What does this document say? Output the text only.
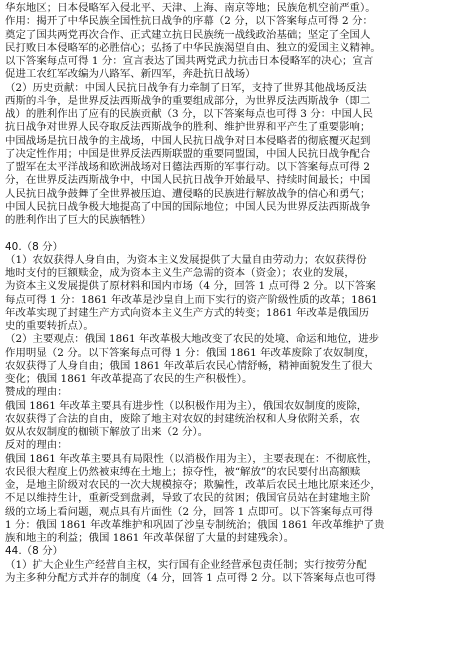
华东地区；日本侵略军入侵北平、天津、上海、南京等地；民族危机空前严重）。
作用：揭开了中华民族全国性抗日战争的序幕（2 分，以下答案每点可得 2 分：
奠定了国共两党再次合作、正式建立抗日民族统一战线政治基础；坚定了全国人
民打败日本侵略军的必胜信心；弘扬了中华民族渴望自由、独立的爱国主义精神。
以下答案每点可得 1 分：宣言表达了国共两党武力抗击日本侵略军的决心；宣言
促进工农红军改编为八路军、新四军，奔赴抗日战场）
（2）历史贡献：中国人民抗日战争有力牵制了日军，支持了世界其他战场反法
西斯的斗争，是世界反法西斯战争的重要组成部分，为世界反法西斯战争（即二
战）的胜利作出了应有的民族贡献（3 分，以下答案每点也可得 3 分：中国人民
抗日战争对世界人民夺取反法西斯战争的胜利、维护世界和平产生了重要影响；
中国战场是抗日战争的主战场，中国人民抗日战争对日本侵略者的彻底覆灭起到
了决定性作用；中国是世界反法西斯联盟的重要同盟国，中国人民抗日战争配合
了盟军在太平洋战场和欧洲战场对日德法西斯的军事行动。以下答案每点可得 2
分，在世界反法西斯战争中，中国人民抗日战争开始最早、持续时间最长；中国
人民抗日战争鼓舞了全世界被压迫、遭侵略的民族进行解放战争的信心和勇气；
中国人民抗日战争极大地提高了中国的国际地位；中国人民为世界反法西斯战争
的胜利作出了巨大的民族牺牲）
40.（8 分）
（1）农奴获得人身自由，为资本主义发展提供了大量自由劳动力；农奴获得份
地时支付的巨额赎金，成为资本主义生产急需的资本（资金）；农业的发展，
为资本主义发展提供了原材料和国内市场（4 分，回答 1 点可得 2 分。以下答案
每点可得 1 分：1861 年改革是沙皇自上而下实行的资产阶级性质的改革；1861
年改革实现了封建生产方式向资本主义生产方式的转变；1861 年改革是俄国历
史的重要转折点）。
（2）主要观点：俄国 1861 年改革极大地改变了农民的处境、命运和地位，进步
作用明显（2 分。以下答案每点可得 1 分：俄国 1861 年改革废除了农奴制度，
农奴获得了人身自由；俄国 1861 年改革后农民心情舒畅，精神面貌发生了很大
变化；俄国 1861 年改革提高了农民的生产积极性）。
赞成的理由：
俄国 1861 年改革主要具有进步性（以积极作用为主），俄国农奴制度的废除，
农奴获得了合法的自由，废除了地主对农奴的封建统治权和人身依附关系，农
奴从农奴制度的枷锁下解放了出来（2 分）。
反对的理由：
俄国 1861 年改革主要具有局限性（以消极作用为主），主要表现在：不彻底性，
农民很大程度上仍然被束缚在土地上；掠夺性，被“解放”的农民要付出高额赎
金，是地主阶级对农民的一次大规模掠夺；欺骗性，改革后农民土地比原来还少，
不足以维持生计，重新受到盘剥，导致了农民的贫困；俄国官员站在封建地主阶
级的立场上看问题，观点具有片面性（2 分，回答 1 点即可。以下答案每点可得
1 分：俄国 1861 年改革维护和巩固了沙皇专制统治；俄国 1861 年改革维护了贵
族和地主的利益；俄国 1861 年改革保留了大量的封建残余）。
44.（8 分）
（1）扩大企业生产经营自主权，实行国有企业经营承包责任制；实行按劳分配
为主多种分配方式并存的制度（4 分，回答 1 点可得 2 分。以下答案每点也可得
